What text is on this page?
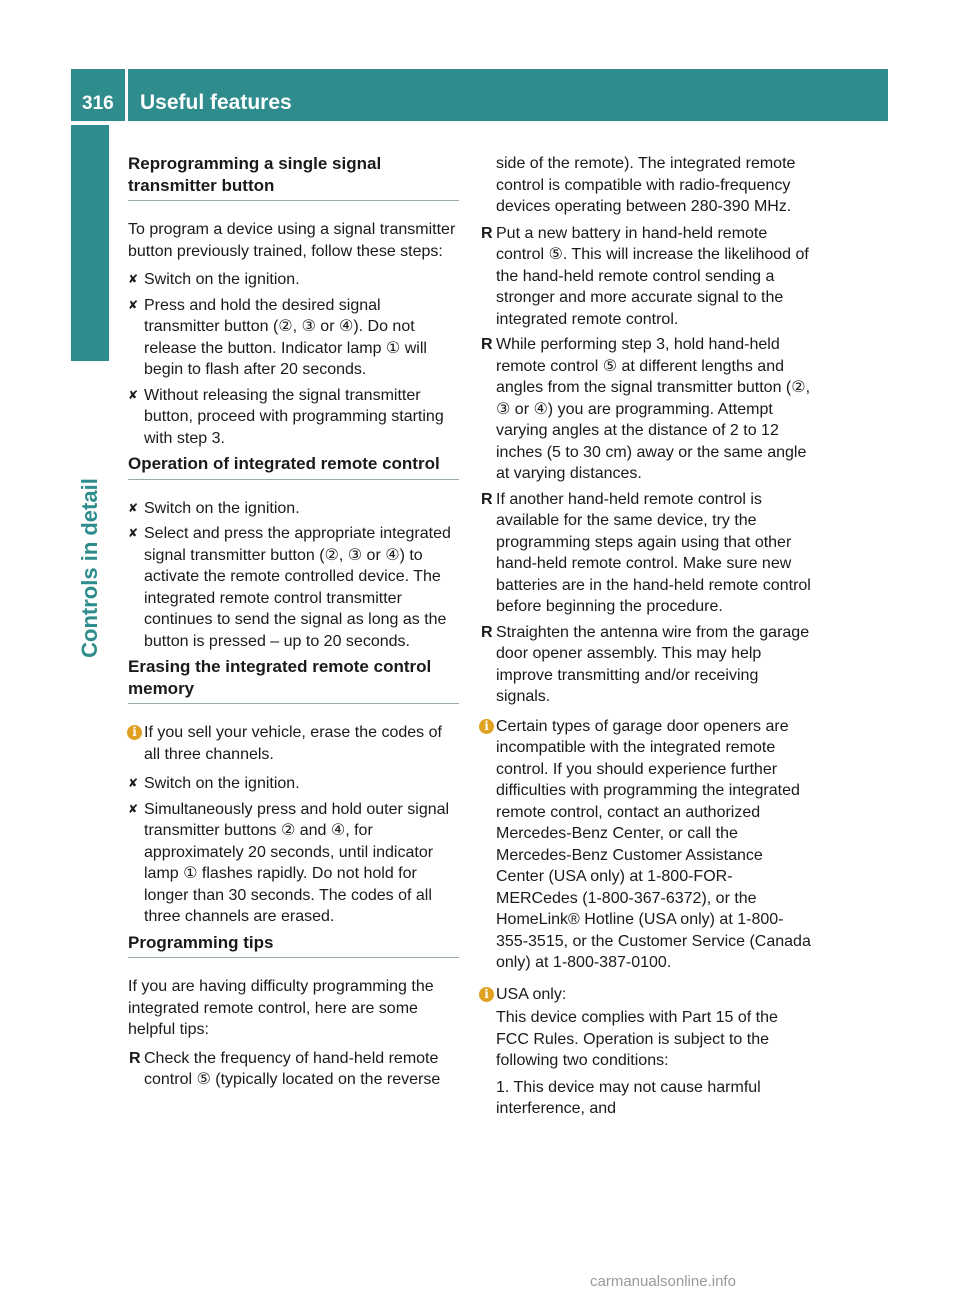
316 Useful features
Controls in detail
Reprogramming a single signal transmitter button

To program a device using a signal transmitter button previously trained, follow these steps:

✘ Switch on the ignition.
✘ Press and hold the desired signal transmitter button (②, ③ or ④). Do not release the button. Indicator lamp ① will begin to flash after 20 seconds.
✘ Without releasing the signal transmitter button, proceed with programming starting with step 3.
Operation of integrated remote control
✘ Switch on the ignition.
✘ Select and press the appropriate integrated signal transmitter button (②, ③ or ④) to activate the remote controlled device. The integrated remote control transmitter continues to send the signal as long as the button is pressed – up to 20 seconds.
Erasing the integrated remote control memory
i If you sell your vehicle, erase the codes of all three channels.
✘ Switch on the ignition.
✘ Simultaneously press and hold outer signal transmitter buttons ② and ④, for approximately 20 seconds, until indicator lamp ① flashes rapidly. Do not hold for longer than 30 seconds. The codes of all three channels are erased.
Programming tips

If you are having difficulty programming the integrated remote control, here are some helpful tips:

R Check the frequency of hand-held remote control ⑤ (typically located on the reverse

side of the remote). The integrated remote control is compatible with radio-frequency devices operating between 280-390 MHz.

R Put a new battery in hand-held remote control ⑤. This will increase the likelihood of the hand-held remote control sending a stronger and more accurate signal to the integrated remote control.
R While performing step 3, hold hand-held remote control ⑤ at different lengths and angles from the signal transmitter button (②, ③ or ④) you are programming. Attempt varying angles at the distance of 2 to 12 inches (5 to 30 cm) away or the same angle at varying distances.
R If another hand-held remote control is available for the same device, try the programming steps again using that other hand-held remote control. Make sure new batteries are in the hand-held remote control before beginning the procedure.
R Straighten the antenna wire from the garage door opener assembly. This may help improve transmitting and/or receiving signals.
i Certain types of garage door openers are incompatible with the integrated remote control. If you should experience further difficulties with programming the integrated remote control, contact an authorized Mercedes-Benz Center, or call the Mercedes-Benz Customer Assistance Center (USA only) at 1-800-FOR-MERCedes (1-800-367-6372), or the HomeLink® Hotline (USA only) at 1-800-355-3515, or the Customer Service (Canada only) at 1-800-387-0100.
i USA only:

This device complies with Part 15 of the FCC Rules. Operation is subject to the following two conditions:

1. This device may not cause harmful interference, and

carmanualsonline.info
